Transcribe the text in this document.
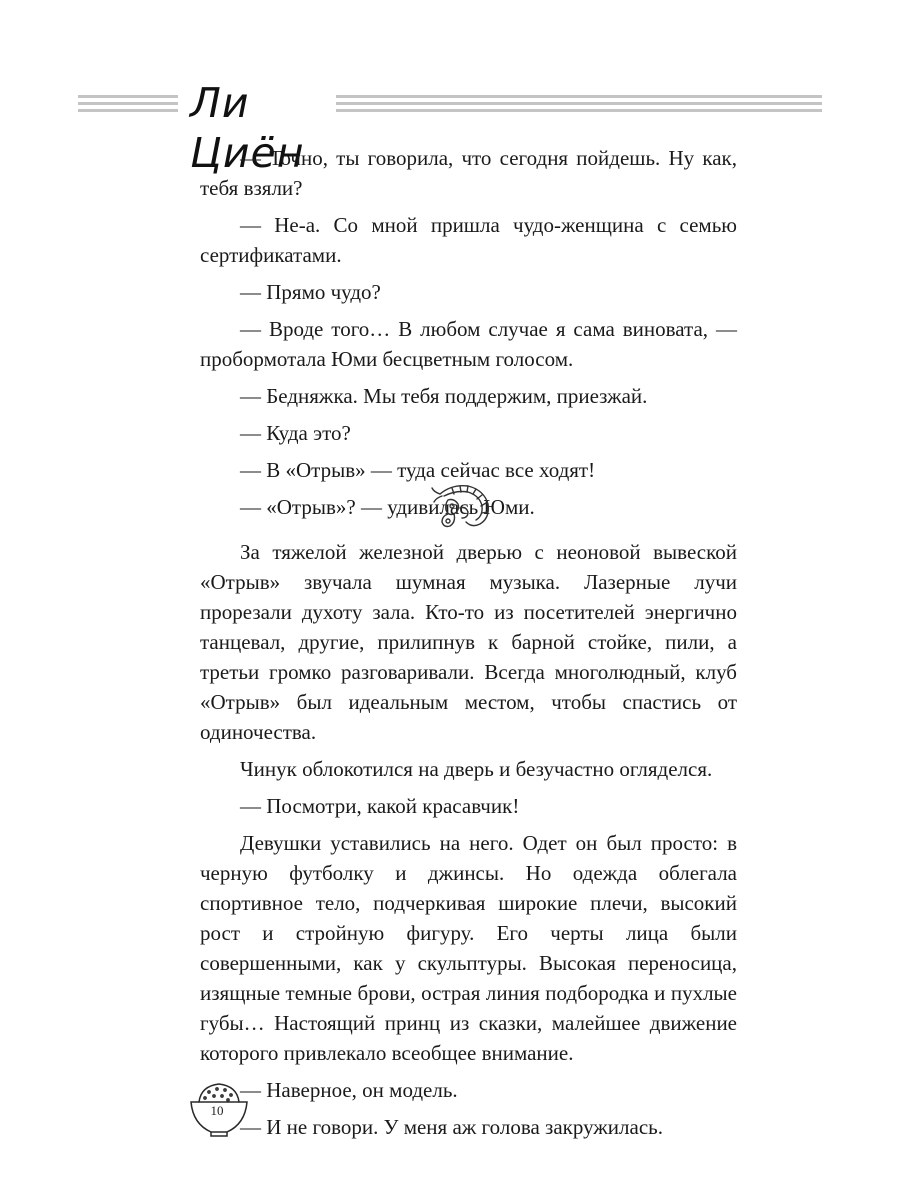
Ли Циён

— Точно, ты говорила, что сегодня пойдешь. Ну как, тебя взяли?

— Не-а. Со мной пришла чудо-женщина с семью сертификатами.

— Прямо чудо?

— Вроде того… В любом случае я сама виновата, — пробормотала Юми бесцветным голосом.

— Бедняжка. Мы тебя поддержим, приезжай.

— Куда это?

— В «Отрыв» — туда сейчас все ходят!

— «Отрыв»? — удивилась Юми.

За тяжелой железной дверью с неоновой вывеской «Отрыв» звучала шумная музыка. Лазерные лучи прорезали духоту зала. Кто-то из посетителей энергично танцевал, другие, прилипнув к барной стойке, пили, а третьи громко разговаривали. Всегда многолюдный, клуб «Отрыв» был идеальным местом, чтобы спастись от одиночества.

Чинук облокотился на дверь и безучастно огляделся.

— Посмотри, какой красавчик!

Девушки уставились на него. Одет он был просто: в черную футболку и джинсы. Но одежда облегала спортивное тело, подчеркивая широкие плечи, высокий рост и стройную фигуру. Его черты лица были совершенными, как у скульптуры. Высокая переносица, изящные темные брови, острая линия подбородка и пухлые губы… Настоящий принц из сказки, малейшее движение которого привлекало всеобщее внимание.

— Наверное, он модель.

— И не говори. У меня аж голова закружилась.

10
